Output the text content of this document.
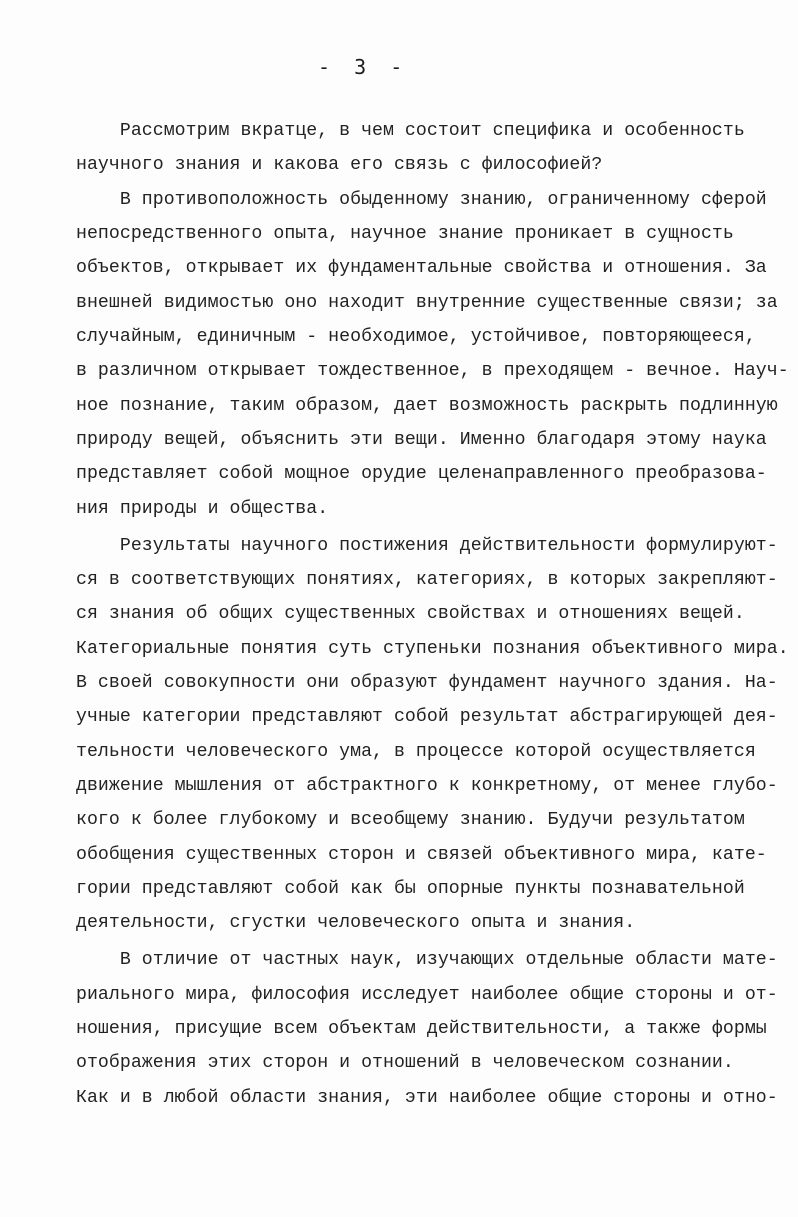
-  3  -
Рассмотрим вкратце, в чем состоит специфика и особенность
научного знания и какова его связь с философией?
В противоположность обыденному знанию, ограниченному сферой
непосредственного опыта, научное знание проникает в сущность
объектов, открывает их фундаментальные свойства и отношения. За
внешней видимостью оно находит внутренние существенные связи; за
случайным, единичным - необходимое, устойчивое, повторяющееся,
в различном открывает тождественное, в преходящем - вечное. Науч-
ное познание, таким образом, дает возможность раскрыть подлинную
природу вещей, объяснить эти вещи. Именно благодаря этому наука
представляет собой мощное орудие целенаправленного преобразова-
ния природы и общества.
Результаты научного постижения действительности формулируют-
ся в соответствующих понятиях, категориях, в которых закрепляют-
ся знания об общих существенных свойствах и отношениях вещей.
Категориальные понятия суть ступеньки познания объективного мира.
В своей совокупности они образуют фундамент научного здания. На-
учные категории представляют собой результат абстрагирующей дея-
тельности человеческого ума, в процессе которой осуществляется
движение мышления от абстрактного к конкретному, от менее глубо-
кого к более глубокому и всеобщему знанию. Будучи результатом
обобщения существенных сторон и связей объективного мира, кате-
гории представляют собой как бы опорные пункты познавательной
деятельности, сгустки человеческого опыта и знания.
В отличие от частных наук, изучающих отдельные области мате-
риального мира, философия исследует наиболее общие стороны и от-
ношения, присущие всем объектам действительности, а также формы
отображения этих сторон и отношений в человеческом сознании.
Как и в любой области знания, эти наиболее общие стороны и отно-
